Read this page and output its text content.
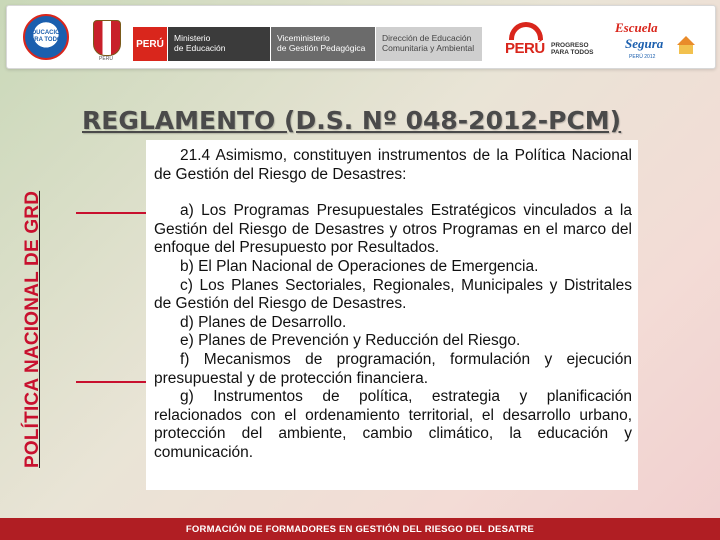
EDUCACIÓN PARA TODOS
PERÚ
PERÚ
Ministerio
de Educación
Viceministerio
de Gestión Pedagógica
Dirección de Educación
Comunitaria y Ambiental PERÚ PROGRESO
PARA TODOS
Escuela
Segura
PERÚ 2012
POLÍTICA NACIONAL DE GRD
REGLAMENTO (D.S. Nº 048-2012-PCM)

21.4 Asimismo, constituyen instrumentos de la Política Nacional de Gestión del Riesgo de Desastres:

a) Los Programas Presupuestales Estratégicos vinculados a la Gestión del Riesgo de Desastres y otros Programas en el marco del enfoque del Presupuesto por Resultados.

b) El Plan Nacional de Operaciones de Emergencia.

c) Los Planes Sectoriales, Regionales, Municipales y Distritales de Gestión del Riesgo de Desastres.

d) Planes de Desarrollo.

e) Planes de Prevención y Reducción del Riesgo.

f) Mecanismos de programación, formulación y ejecución presupuestal y de protección financiera.

g) Instrumentos de política, estrategia y planificación relacionados con el ordenamiento territorial, el desarrollo urbano, protección del ambiente, cambio climático, la educación y comunicación.

FORMACIÓN DE FORMADORES EN GESTIÓN DEL RIESGO DEL DESATRE
